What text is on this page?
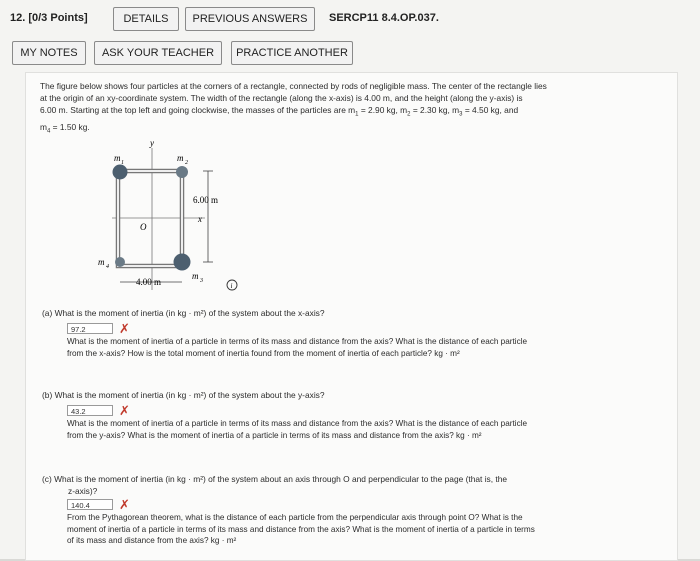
12. [0/3 Points]	DETAILS	PREVIOUS ANSWERS	SERCP11 8.4.OP.037.
MY NOTES	ASK YOUR TEACHER	PRACTICE ANOTHER
The figure below shows four particles at the corners of a rectangle, connected by rods of negligible mass. The center of the rectangle lies
at the origin of an xy-coordinate system. The width of the rectangle (along the x-axis) is 4.00 m, and the height (along the y-axis) is
6.00 m. Starting at the top left and going clockwise, the masses of the particles are $m_1 = 2.90$ kg, $m_2 = 2.30$ kg, $m_3 = 4.50$ kg, and
$m_4 = 1.50$ kg.
y
m 1	m 2
m 3
m 4
O
x
6.00 m
4.00 m	i
(a) What is the moment of inertia (in kg · m²) of the system about the x-axis?
97.2	✗
What is the moment of inertia of a particle in terms of its mass and distance from the axis? What is the distance of each particle
from the x-axis? How is the total moment of inertia found from the moment of inertia of each particle? kg · m²
(b) What is the moment of inertia (in kg · m²) of the system about the y-axis?
43.2	✗
What is the moment of inertia of a particle in terms of its mass and distance from the axis? What is the distance of each particle
from the y-axis? What is the moment of inertia of a particle in terms of its mass and distance from the axis? kg · m²
(c) What is the moment of inertia (in kg · m²) of the system about an axis through O and perpendicular to the page (that is, the
z-axis)?
140.4	✗
From the Pythagorean theorem, what is the distance of each particle from the perpendicular axis through point O? What is the
moment of inertia of a particle in terms of its mass and distance from the axis? What is the moment of inertia of a particle in terms
of its mass and distance from the axis? kg · m²
